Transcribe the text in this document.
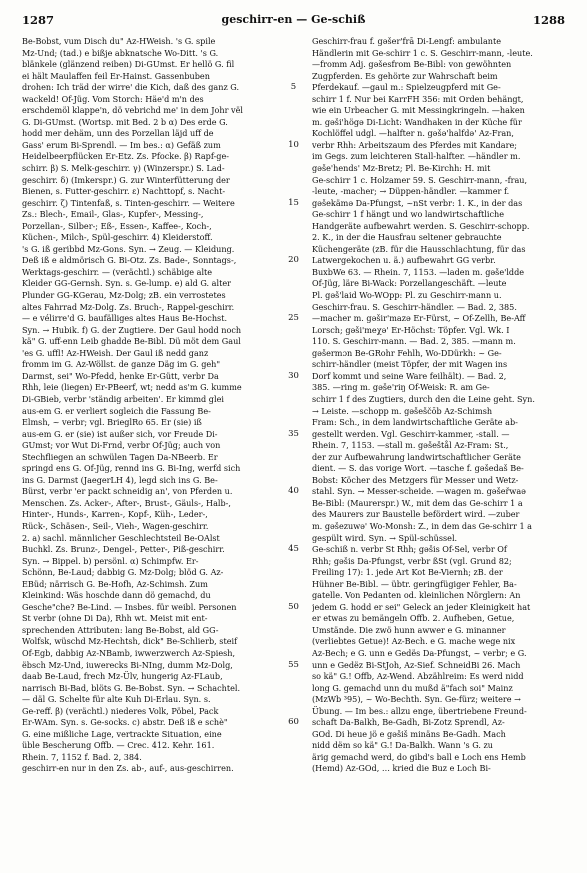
1287	geschirr-en — Ge-schiß	1288
5
10
15
20
25
30
35
40
45
50
55
60
Be-Bobst, vum Disch du" Az-HWeish. 's G. spile
Mz-Und; (tad.) e bißje abknatsche Wo-Ditt. 's G.
blänkele (glänzend reiben) Di-GUmst. Er hellö G. fil
ei hält Maulaffen feil Er-Hainst. Gassenbuben
drohen: Ich träd der wirre' die Kich, daß des ganz G.
wackeld! Of-Jüg. Vom Storch: Häe'd m'n des
erschdemöl klappe'n, dö vebrichd me' in dem Johr vël
G. Di-GUmst. (Wortsp. mit Bed. 2 b α) Des erde G.
hodd mer dehäm, unn des Porzellan läjd uff de
Gass' erum Bi-Sprendl. — Im bes.: α) Gefäß zum
Heidelbeerpflücken Er-Etz. Zs. Pfocke. β) Rapf-ge-
schirr. β) S. Melk-geschirr. γ) (Winzerspr.) S. Lad-
geschirr. δ) (Imkerspr.) G. zur Winterfütterung der
Bienen, s. Futter-geschirr. ε) Nachttopf, s. Nacht-
geschirr. ζ) Tintenfaß, s. Tinten-geschirr. — Weitere
Zs.: Blech-, Email-, Glas-, Kupfer-, Messing-,
Porzellan-, Silber-; Eß-, Essen-, Kaffee-, Koch-,
Küchen-, Milch-, Spül-geschirr. 4) Kleiderstoff.
's G. iß geribbd Mz-Gons. Syn. → Zeug. — Kleidung.
Deß iß e aldmörisch G. Bi-Otz. Zs. Bade-, Sonntags-,
Werktags-geschirr. — (verächtl.) schäbige alte
Kleider GG-Gernsh. Syn. s. Ge-lump. e) ald G. alter
Plunder GG-KGerau, Mz-Dolg; zB. ein verrostetes
altes Fahrrad Mz-Dolg. Zs. Bruch-, Rappel-geschirr.
— e vélirre'd G. baufälliges altes Haus Be-Hochst.
Syn. → Hubik. f) G. der Zugtiere. Der Gaul hodd noch
kä" G. uff-enn Leib ghadde Be-Bibl. Dü möt dem Gaul
'es G. uffl! Az-HWeish. Der Gaul iß nedd ganz
fromm im G. Az-Wöllst. de ganze Däg im G. geh"
Darmst, sei" Wo-Pfedd, henke Er-Gütt, verbr Da
Rhh, leie (liegen) Er-PBeerf, wt; nedd as'm G. kumme
Di-GBieb, verbr 'ständig arbeiten'. Er kimmd glei
aus-em G. er verliert sogleich die Fassung Be-
Elmsh, ~ verbr; vgl. BrieglRo 65. Er (sie) iß
aus-em G. er (sie) ist außer sich, vor Freude Di-
GUmst; vor Wut Di-Frnd, verbr Of-Jüg; auch von
Stechfliegen an schwülen Tagen Da-NBeerb. Er
springd ens G. Of-Jüg, rennd ins G. Bi-Ing, werfd sich
ins G. Darmst (JaegerLH 4), legd sich ins G. Be-
Bürst, verbr 'er packt schneidig an', von Pferden u.
Menschen. Zs. Acker-, After-, Brust-, Gäuls-, Halb-,
Hinter-, Hunds-, Karren-, Kopf-, Küh-, Leder-,
Rück-, Schäsen-, Seil-, Vieh-, Wagen-geschirr.
2. a) sachl. männlicher Geschlechtsteil Be-OAlst
Buchkl. Zs. Brunz-, Dengel-, Petter-, Piß-geschirr.
Syn. → Bippel. b) persönl. α) Schimpfw. Er-
Schönn, Be-Laud; dabbig G. Mz-Dolg; blöd G. Az-
EBüd; närrisch G. Be-Hofh, Az-Schimsh. Zum
Kleinkind: Wäs hoschde dann dö gemachd, du
Gesche"che? Be-Lind. — Insbes. für weibl. Personen
St verbr (ohne Di Da), Rhh wt. Meist mit ent-
sprechenden Attributen: lang Be-Bobst, ald GG-
Wolfsk, wüschd Mz-Hechtsh, dick" Be-Schlierb, steif
Of-Egb, dabbig Az-NBamb, iwwerzwerch Az-Spiesh,
ëbsch Mz-Und, iuwerecks Bi-NIng, dumm Mz-Dolg,
daab Be-Laud, frech Mz-Ülv, hungerig Az-FLaub,
narrisch Bi-Bad, blöts G. Be-Bobst. Syn. → Schachtel.
— däl G. Schelte für alte Kuh Di-Erlau. Syn. s.
Ge-reff. β) (verächtl.) niederes Volk, Pöbel, Pack
Er-WAm. Syn. s. Ge-socks. c) abstr. Deß iß e schè"
G. eine mißliche Lage, vertrackte Situation, eine
üble Bescherung Offb. — Crec. 412. Kehr. 161.
Rhein. 7, 1152 f. Bad. 2, 384.
geschirr-en nur in den Zs. ab-, auf-, aus-geschirren.
Geschirr-frau f. gəšer'frā Di-Lengf: ambulante
Händlerin mit Ge-schirr 1 c. S. Geschirr-mann, -leute.
—fromm Adj. gəšesfrom Be-Bibl: von gewöhnten
Zugpferden. Es gehörte zur Wahrschaft beim
Pferdekauf. —gaul m.: Spielzeugpferd mit Ge-
schirr 1 f. Nur bei KarrFH 356: mit Orden behängt,
wie ein Urbeacher G. mit Messingkringeln. —haken
m. gəši'högə Di-Licht: Wandhaken in der Küche für
Kochlöffel udgl. —halfter n. gəšə'halfdə' Az-Fran,
verbr Rhh: Arbeitszaum des Pferdes mit Kandare;
im Gegs. zum leichteren Stall-halfter. —händler m.
gəše'hends' Mz-Bretz; Pl. Be-Kirchh: H. mit
Ge-schirr 1 c. Holzamer 59. S. Geschirr-mann, -frau,
-leute, -macher; → Düppen-händler. —kammer f.
gəšekämə Da-Pfungst, ~nSt verbr: 1. K., in der das
Ge-schirr 1 f hängt und wo landwirtschaftliche
Handgeräte aufbewahrt werden. S. Geschirr-schopp.
2. K., in der die Hausfrau seltener gebrauchte
Küchengeräte (zB. für die Hausschlachtung, für das
Latwergekochen u. ä.) aufbewahrt GG verbr.
BuxbWe 63. — Rhein. 7, 1153. —laden m. gəše'ldde
Of-Jüg, läre Bi-Wack: Porzellangeschäft. —leute
Pl. gəš'laid Wo-WOpp: Pl. zu Geschirr-mann u.
Geschirr-frau. S. Geschirr-händler. — Bad. 2, 385.
—macher m. gəšir'mazə Er-Fürst, ~ Of-Zellh, Be-Aff
Lorsch; gəši'meχə' Er-Höchst: Töpfer. Vgl. Wk. I
110. S. Geschirr-mann. — Bad. 2, 385. —mann m.
gəšermɔn Be-GRohr Fehlh, Wo-DDürkh: ~ Ge-
schirr-händler (meist Töpfer, der mit Wagen ins
Dorf kommt und seine Ware feilhält). — Bad. 2,
385. —ring m. gəše'riŋ Of-Weisk: R. am Ge-
schirr 1 f des Zugtiers, durch den die Leine geht. Syn.
→ Leiste. —schopp m. gəšeščōb Az-Schimsh
Fram: Sch., in dem landwirtschaftliche Geräte ab-
gestellt werden. Vgl. Geschirr-kammer, -stall. —
Rhein. 7, 1153. —stall m. gəšeštål Az-Fram: St.,
der zur Aufbewahrung landwirtschaftlicher Geräte
dient. — S. das vorige Wort. —tasche f. gəšedaš Be-
Bobst: Köcher des Metzgers für Messer und Wetz-
stahl. Syn. → Messer-scheide. —wagen m. gəšeřwaǝ
Be-Bibl: (Maurerspr.) W., mit dem das Ge-schirr 1 a
des Maurers zur Baustelle befördert wird. —zuber
m. gəšezuwə' Wo-Monsh: Z., in dem das Ge-schirr 1 a
gespült wird. Syn. → Spül-schüssel.
Ge-schiß n. verbr St Rhh; gəšis Of-Sel, verbr Of
Rhh; gəšis Da-Pfungst, verbr ßSt (vgl. Grund 82;
Freiling 17): 1. jede Art Kot Be-Viernh; zB. der
Hühner Be-Bibl. — übtr. geringfügiger Fehler, Ba-
gatelle. Von Pedanten od. kleinlichen Nörglern: An
jedem G. hodd er sei" Geleck an jeder Kleinigkeit hat
er etwas zu bemängeln Offb. 2. Aufheben, Getue,
Umstände. Die zwö hunn awwer e G. minanner
(verliebtes Getue)! Az-Bech. e G. mache wege nix
Az-Bech; e G. unn e Gedës Da-Pfungst, ~ verbr; e G.
unn e Gedëz Bi-StJoh, Az-Sief. SchneidBi 26. Mach
so kä" G.! Offb, Az-Wend. Abzählreim: Es werd nidd
long G. gemachd unn du mußd ä"fach soi" Mainz
(MzWb ³95), ~ Wo-Bechth. Syn. Ge-fürz; weitere →
Übung. — Im bes.: allzu enge, übertriebene Freund-
schaft Da-Balkh, Be-Gadh, Bi-Zotz Sprendl, Az-
GOd. Di heue jö e gəšiš minäns Be-Gadh. Mach
nidd dëm so kä" G.! Da-Balkh. Wann 's G. zu
ärig gemachd werd, do gibd's ball e Loch ens Hemb
(Hemd) Az-GOd, … kried die Buz e Loch Bi-
